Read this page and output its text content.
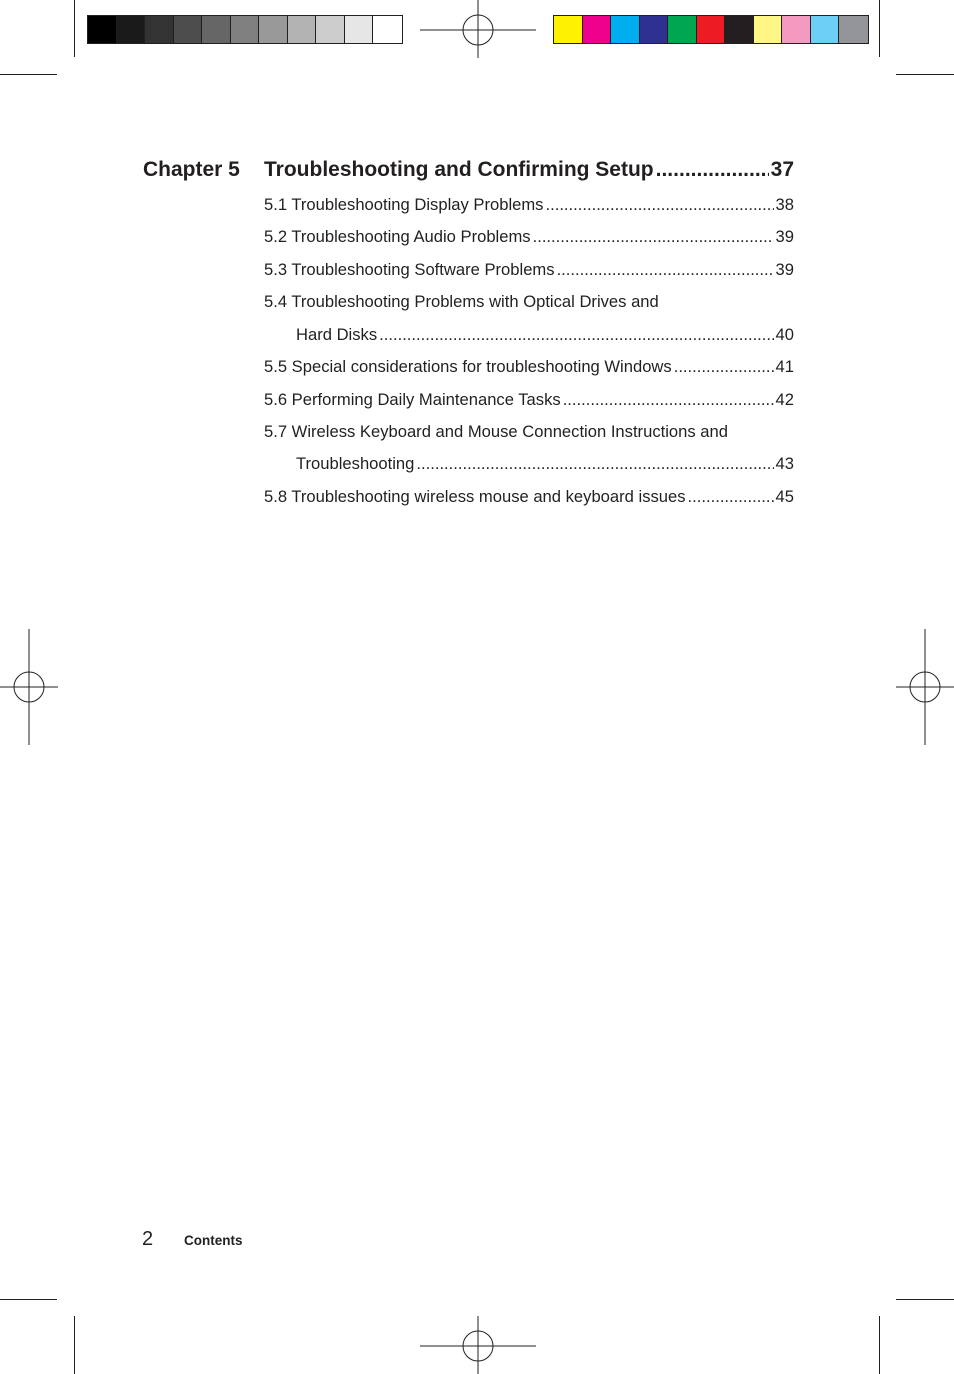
Chapter 5 Troubleshooting and Confirming Setup .....	37
5.1 Troubleshooting Display Problems .....	38
5.2 Troubleshooting Audio Problems .....	39
5.3 Troubleshooting Software Problems .....	39
5.4 Troubleshooting Problems with Optical Drives and
Hard Disks .....	40
5.5 Special considerations for troubleshooting Windows .....	41
5.6 Performing Daily Maintenance Tasks .....	42
5.7 Wireless Keyboard and Mouse Connection Instructions and
Troubleshooting .....	43
5.8 Troubleshooting wireless mouse and keyboard issues .....	45
2 Contents
